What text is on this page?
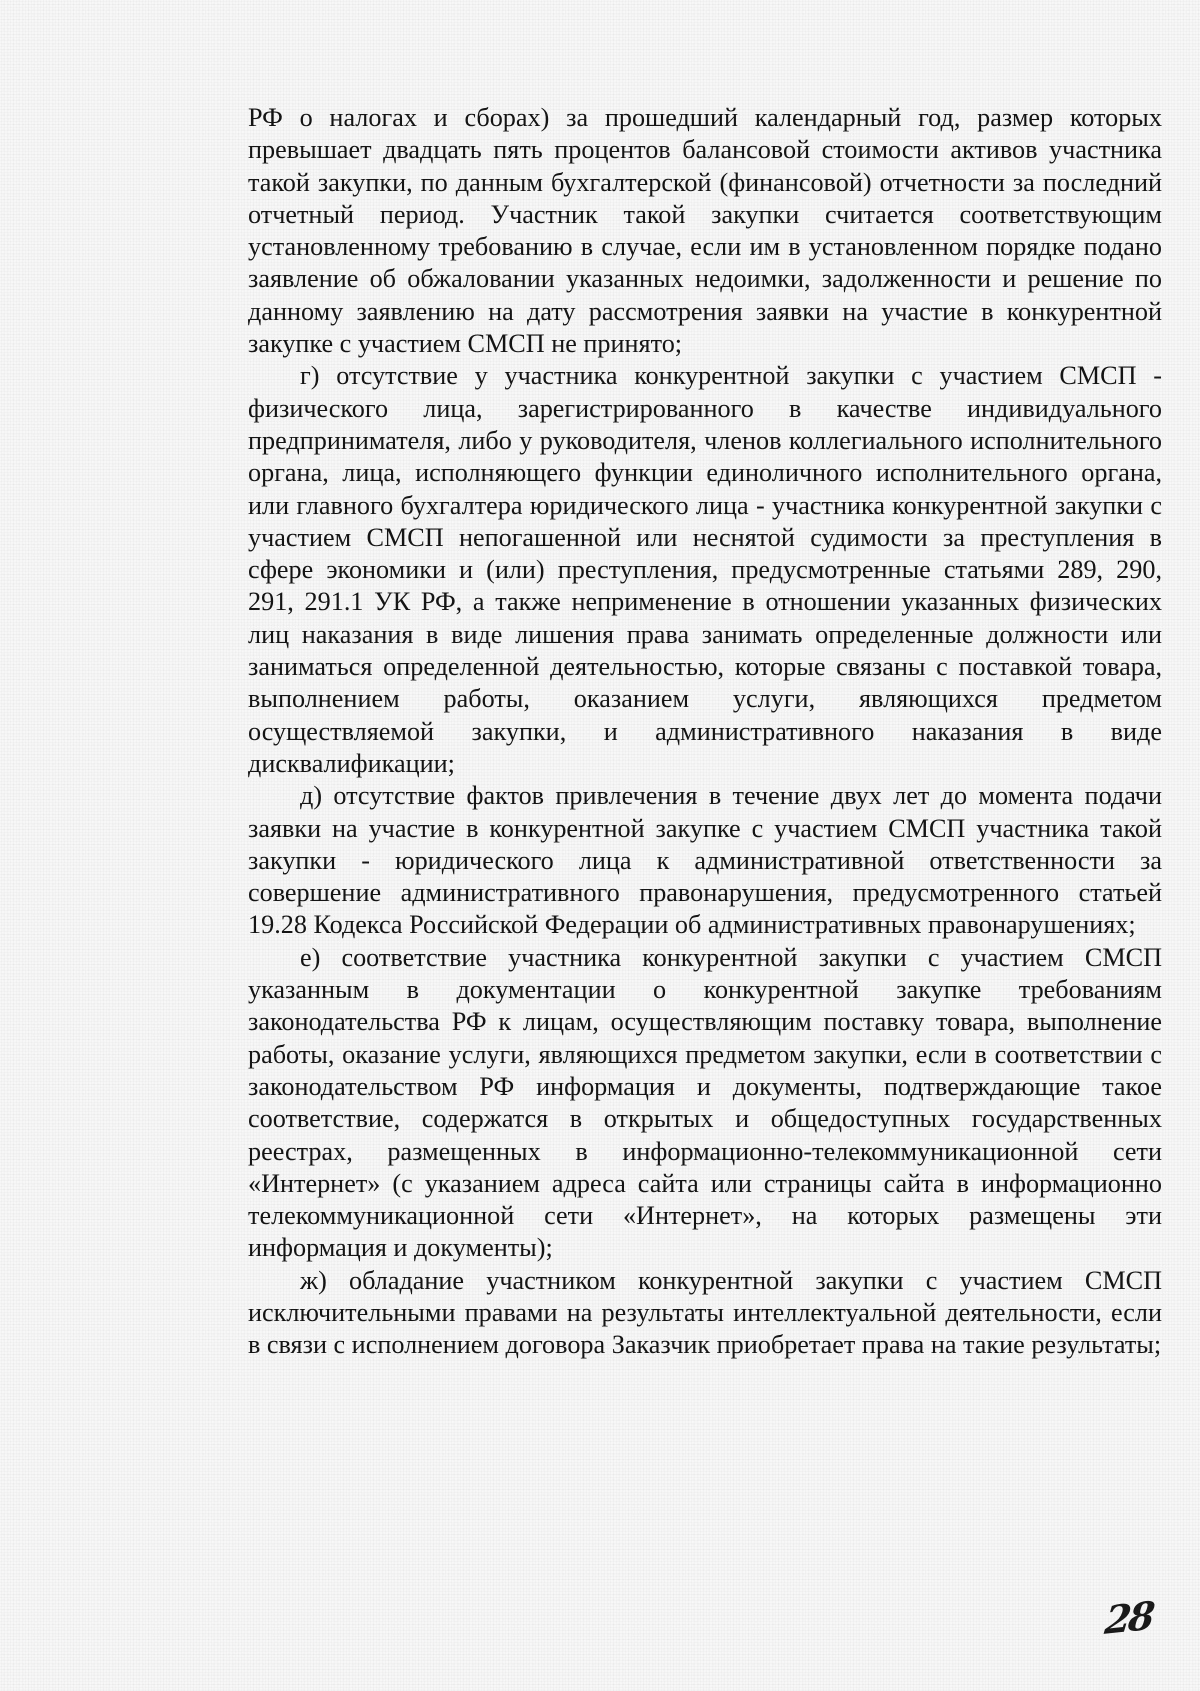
РФ о налогах и сборах) за прошедший календарный год, размер которых превышает двадцать пять процентов балансовой стоимости активов участника такой закупки, по данным бухгалтерской (финансовой) отчетности за последний отчетный период. Участник такой закупки считается соответствующим установленному требованию в случае, если им в установленном порядке подано заявление об обжаловании указанных недоимки, задолженности и решение по данному заявлению на дату рассмотрения заявки на участие в конкурентной закупке с участием СМСП не принято;

г) отсутствие у участника конкурентной закупки с участием СМСП - физического лица, зарегистрированного в качестве индивидуального предпринимателя, либо у руководителя, членов коллегиального исполнительного органа, лица, исполняющего функции единоличного исполнительного органа, или главного бухгалтера юридического лица - участника конкурентной закупки с участием СМСП непогашенной или неснятой судимости за преступления в сфере экономики и (или) преступления, предусмотренные статьями 289, 290, 291, 291.1 УК РФ, а также неприменение в отношении указанных физических лиц наказания в виде лишения права занимать определенные должности или заниматься определенной деятельностью, которые связаны с поставкой товара, выполнением работы, оказанием услуги, являющихся предметом осуществляемой закупки, и административного наказания в виде дисквалификации;

д) отсутствие фактов привлечения в течение двух лет до момента подачи заявки на участие в конкурентной закупке с участием СМСП участника такой закупки - юридического лица к административной ответственности за совершение административного правонарушения, предусмотренного статьей 19.28 Кодекса Российской Федерации об административных правонарушениях;

е) соответствие участника конкурентной закупки с участием СМСП указанным в документации о конкурентной закупке требованиям законодательства РФ к лицам, осуществляющим поставку товара, выполнение работы, оказание услуги, являющихся предметом закупки, если в соответствии с законодательством РФ информация и документы, подтверждающие такое соответствие, содержатся в открытых и общедоступных государственных реестрах, размещенных в информационно-телекоммуникационной сети «Интернет» (с указанием адреса сайта или страницы сайта в информационно телекоммуникационной сети «Интернет», на которых размещены эти информация и документы);

ж) обладание участником конкурентной закупки с участием СМСП исключительными правами на результаты интеллектуальной деятельности, если в связи с исполнением договора Заказчик приобретает права на такие результаты;

28
